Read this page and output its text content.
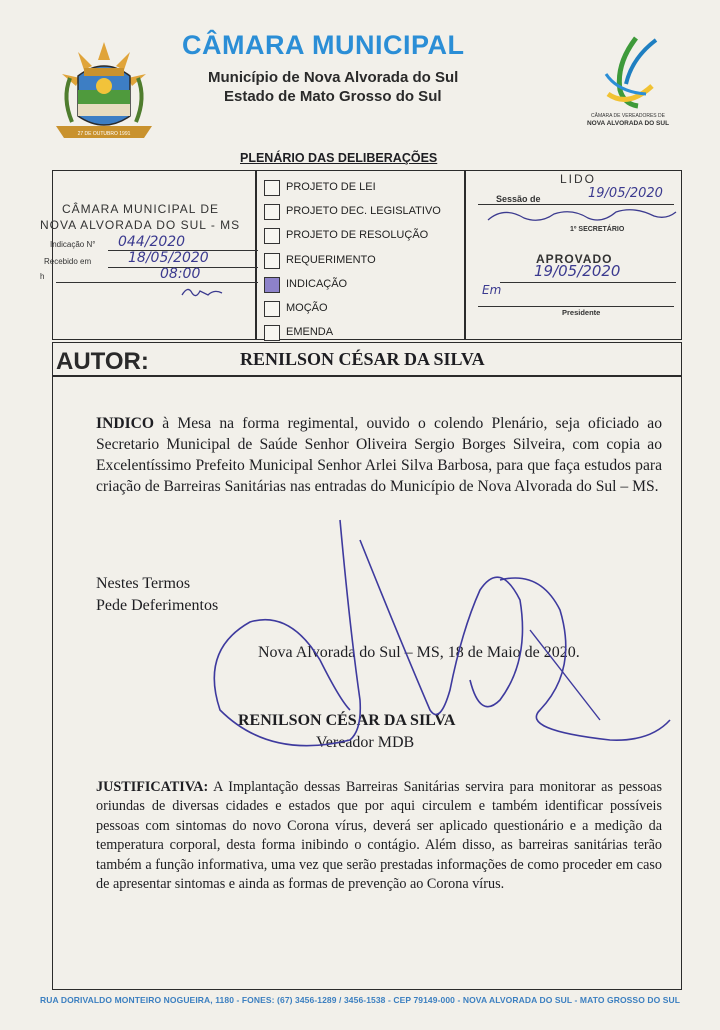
27 DE OUTUBRO 1991
CÂMARA MUNICIPAL
Município de Nova Alvorada do Sul
Estado de Mato Grosso do Sul
CÂMARA DE VEREADORES DE
NOVA ALVORADA DO SUL
PLENÁRIO DAS DELIBERAÇÕES
CÂMARA MUNICIPAL DE
NOVA ALVORADA DO SUL - MS
Indicação N° 044/2020
Recebido em	18/05/2020
h	08:00
PROJETO DE LEI
PROJETO DEC. LEGISLATIVO
PROJETO DE RESOLUÇÃO
REQUERIMENTO
INDICAÇÃO
MOÇÃO
EMENDA
LIDO
Sessão de	19/05/2020
1º SECRETÁRIO
APROVADO
Em
19/05/2020
Presidente
AUTOR:	RENILSON CÉSAR DA SILVA
INDICO à Mesa na forma regimental, ouvido o colendo Plenário, seja oficiado ao Secretario Municipal de Saúde Senhor Oliveira Sergio Borges Silveira, com copia ao Excelentíssimo Prefeito Municipal Senhor Arlei Silva Barbosa, para que faça estudos para criação de Barreiras Sanitárias nas entradas do Município de Nova Alvorada do Sul – MS.
Nestes Termos
Pede Deferimentos
Nova Alvorada do Sul – MS, 18 de Maio de 2020.
RENILSON CÉSAR DA SILVA
Vereador MDB
JUSTIFICATIVA: A Implantação dessas Barreiras Sanitárias servira para monitorar as pessoas oriundas de diversas cidades e estados que por aqui circulem e também identificar possíveis pessoas com sintomas do novo Corona vírus, deverá ser aplicado questionário e a medição da temperatura corporal, desta forma inibindo o contágio. Além disso, as barreiras sanitárias terão também a função informativa, uma vez que serão prestadas informações de como proceder em caso de apresentar sintomas e ainda as formas de prevenção ao Corona vírus.
RUA DORIVALDO MONTEIRO NOGUEIRA, 1180 - FONES: (67) 3456-1289 / 3456-1538 - CEP 79149-000 - NOVA ALVORADA DO SUL - MATO GROSSO DO SUL
